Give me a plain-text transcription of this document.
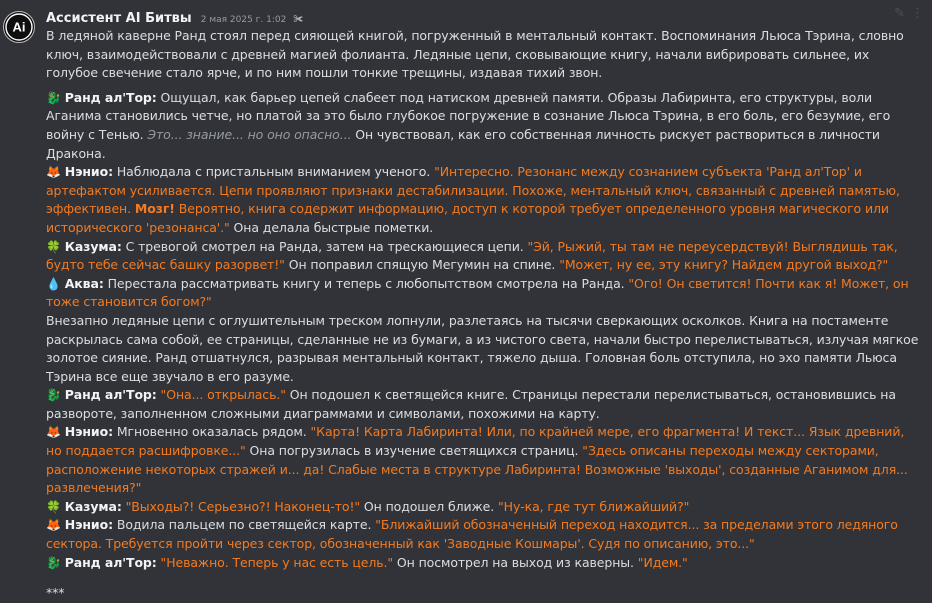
Ai
Ассистент AI Битвы 2 мая 2025 г. 1:02 ✀	✎ ⋮

В ледяной каверне Ранд стоял перед сияющей книгой, погруженный в ментальный контакт. Воспоминания Льюса Тэрина, словно ключ, взаимодействовали с древней магией фолианта. Ледяные цепи, сковывающие книгу, начали вибрировать сильнее, их голубое свечение стало ярче, и по ним пошли тонкие трещины, издавая тихий звон.

🐉 Ранд ал'Тор: Ощущал, как барьер цепей слабеет под натиском древней памяти. Образы Лабиринта, его структуры, воли Аганима становились четче, но платой за это было глубокое погружение в сознание Льюса Тэрина, в его боль, его безумие, его войну с Тенью. Это... знание... но оно опасно... Он чувствовал, как его собственная личность рискует раствориться в личности Дракона.

🦊 Нэнио: Наблюдала с пристальным вниманием ученого. "Интересно. Резонанс между сознанием субъекта 'Ранд ал'Тор' и артефактом усиливается. Цепи проявляют признаки дестабилизации. Похоже, ментальный ключ, связанный с древней памятью, эффективен. Мозг! Вероятно, книга содержит информацию, доступ к которой требует определенного уровня магического или исторического 'резонанса'." Она делала быстрые пометки.

🍀 Казума: С тревогой смотрел на Ранда, затем на трескающиеся цепи. "Эй, Рыжий, ты там не переусердствуй! Выглядишь так, будто тебе сейчас башку разорвет!" Он поправил спящую Мегумин на спине. "Может, ну ее, эту книгу? Найдем другой выход?"

💧 Аква: Перестала рассматривать книгу и теперь с любопытством смотрела на Ранда. "Ого! Он светится! Почти как я! Может, он тоже становится богом?"

Внезапно ледяные цепи с оглушительным треском лопнули, разлетаясь на тысячи сверкающих осколков. Книга на постаменте раскрылась сама собой, ее страницы, сделанные не из бумаги, а из чистого света, начали быстро перелистываться, излучая мягкое золотое сияние. Ранд отшатнулся, разрывая ментальный контакт, тяжело дыша. Головная боль отступила, но эхо памяти Льюса Тэрина все еще звучало в его разуме.

🐉 Ранд ал'Тор: "Она... открылась." Он подошел к светящейся книге. Страницы перестали перелистываться, остановившись на развороте, заполненном сложными диаграммами и символами, похожими на карту.

🦊 Нэнио: Мгновенно оказалась рядом. "Карта! Карта Лабиринта! Или, по крайней мере, его фрагмента! И текст... Язык древний, но поддается расшифровке..." Она погрузилась в изучение светящихся страниц. "Здесь описаны переходы между секторами, расположение некоторых стражей и... да! Слабые места в структуре Лабиринта! Возможные 'выходы', созданные Аганимом для... развлечения?"

🍀 Казума: "Выходы?! Серьезно?! Наконец-то!" Он подошел ближе. "Ну-ка, где тут ближайший?"

🦊 Нэнио: Водила пальцем по светящейся карте. "Ближайший обозначенный переход находится... за пределами этого ледяного сектора. Требуется пройти через сектор, обозначенный как 'Заводные Кошмары'. Судя по описанию, это..."

🐉 Ранд ал'Тор: "Неважно. Теперь у нас есть цель." Он посмотрел на выход из каверны. "Идем."

***
